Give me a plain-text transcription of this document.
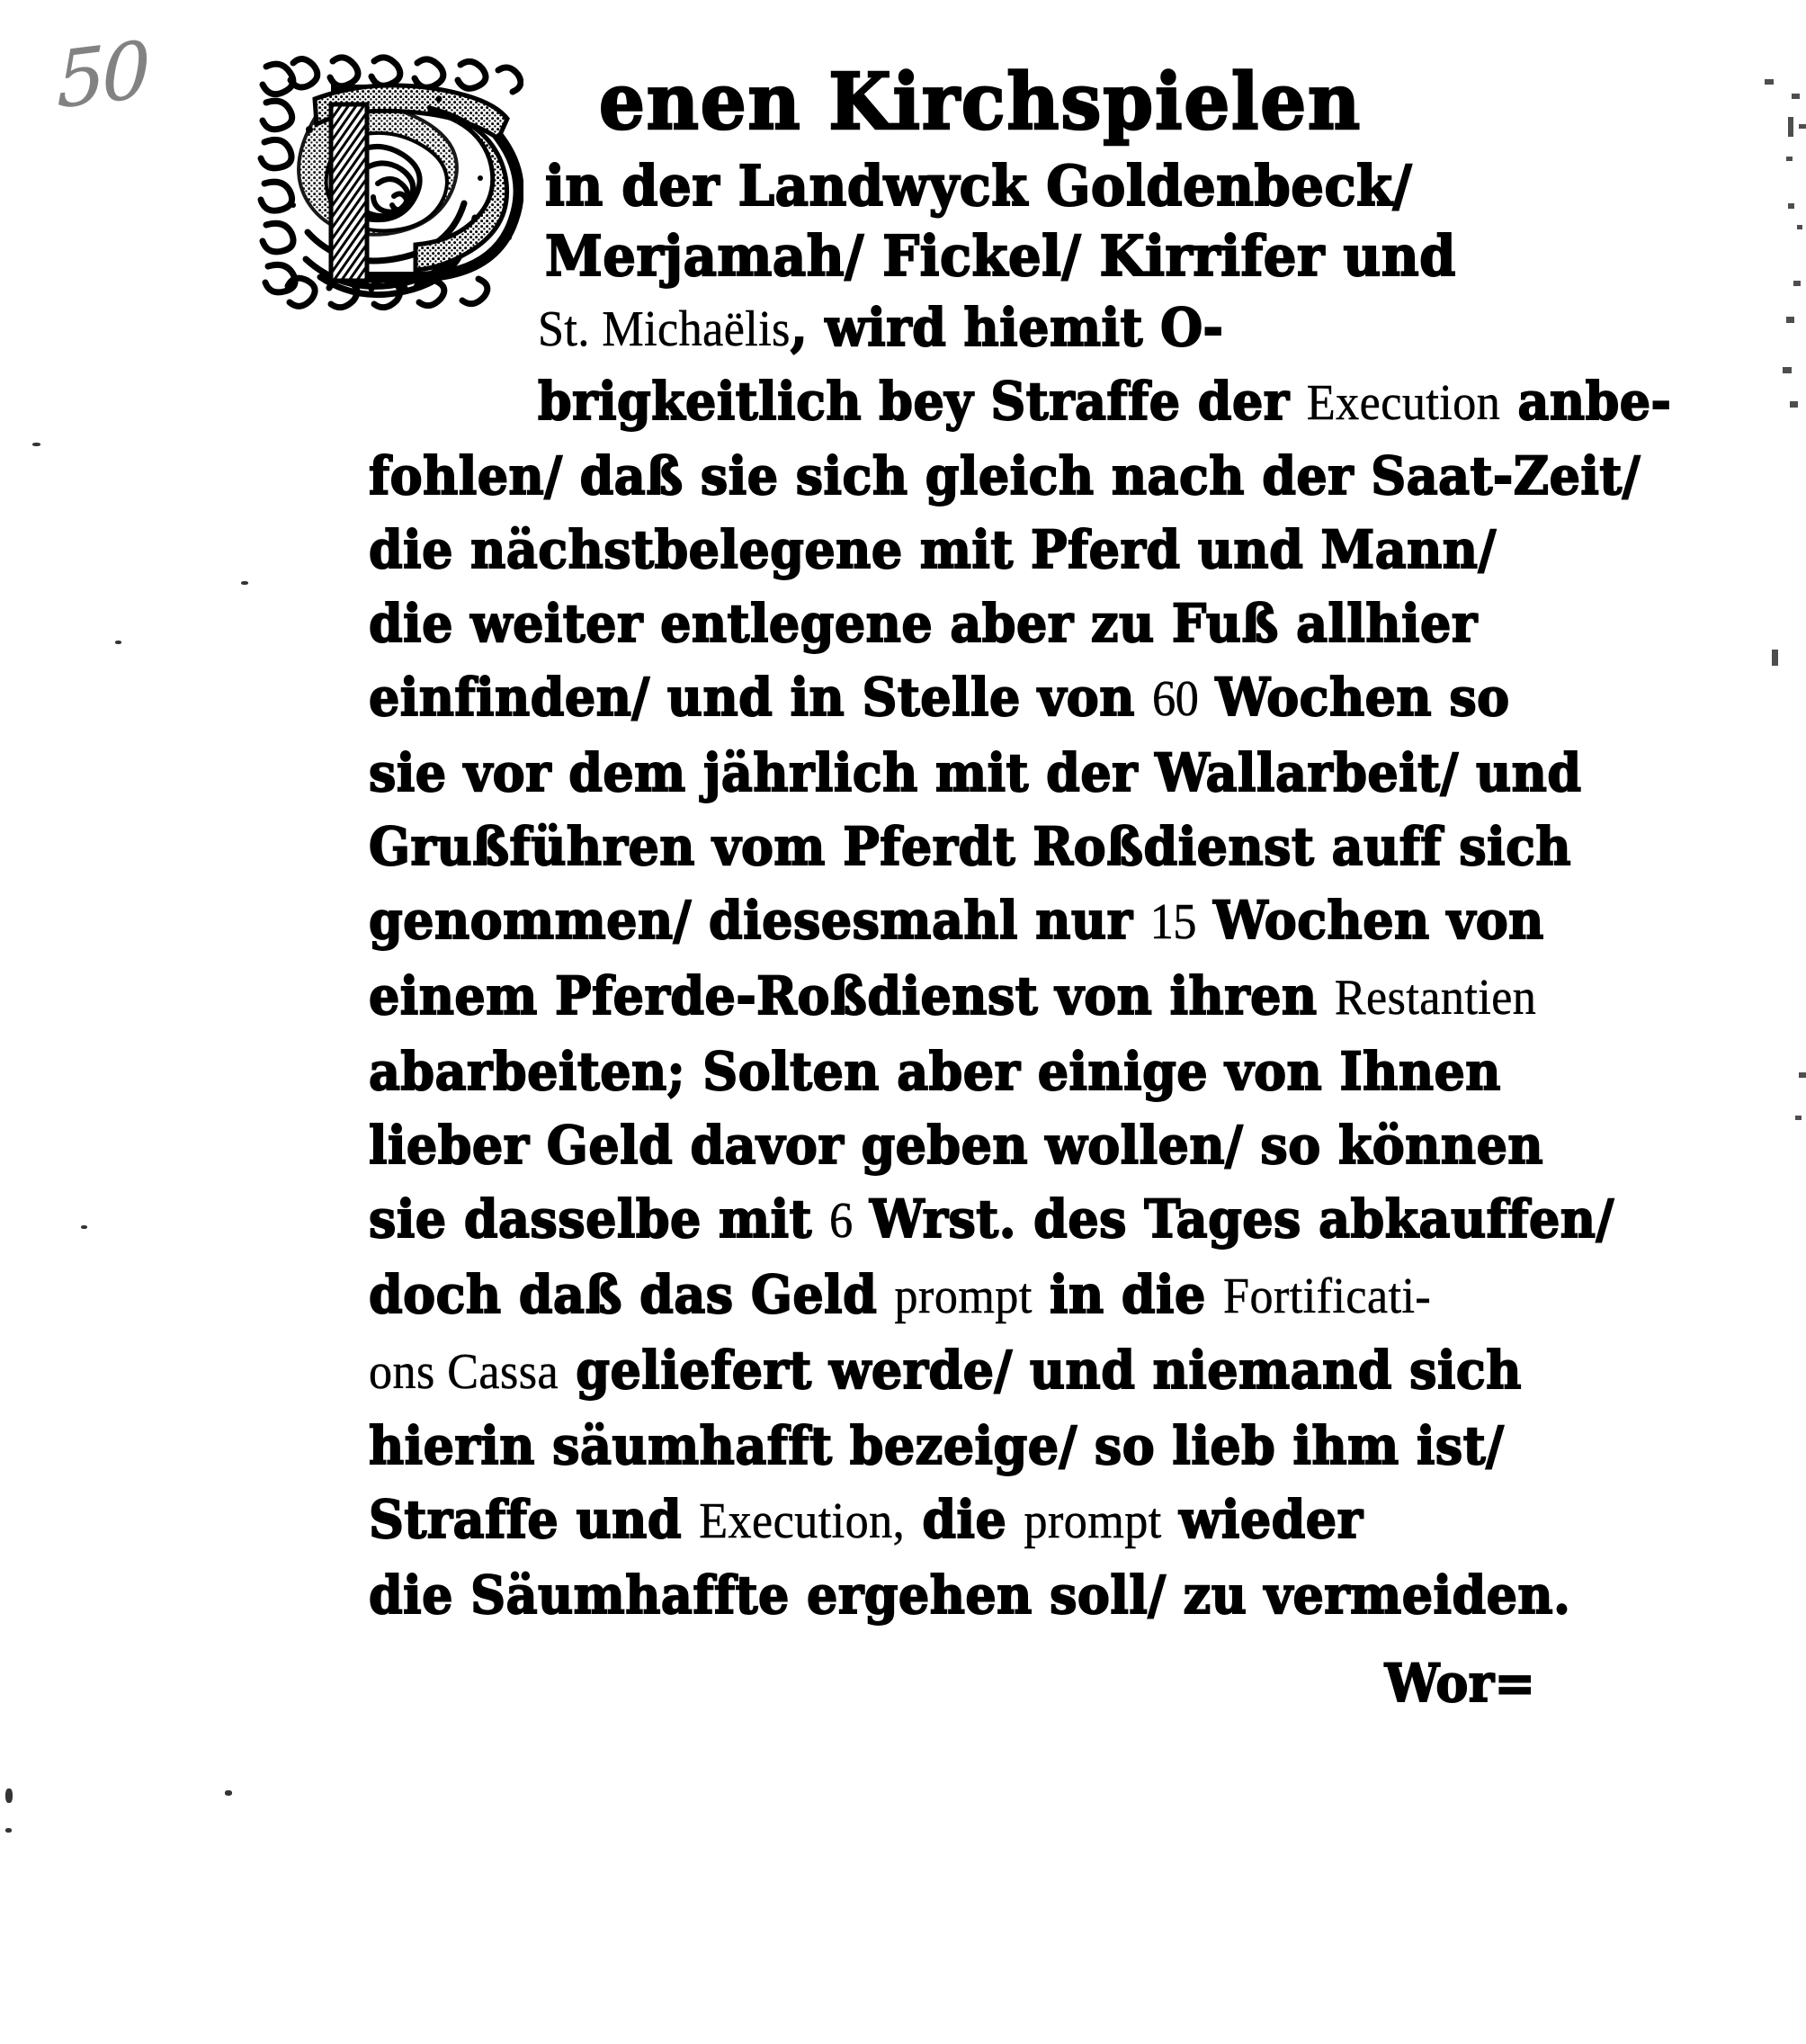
50	enen Kirchspielen
in der Landwyck Goldenbeck/
Merjamah/ Fickel/ Kirrifer und
St. Michaëlis, wird hiemit O‐
brigkeitlich bey Straffe der Execution anbe‐
fohlen/ daß sie sich gleich nach der Saat‐Zeit/
die nächstbelegene mit Pferd und Mann/
die weiter entlegene aber zu Fuß allhier
einfinden/ und in Stelle von 60 Wochen so
sie vor dem jährlich mit der Wallarbeit/ und
Grußführen vom Pferdt Roßdienst auff sich
genommen/ diesesmahl nur 15 Wochen von
einem Pferde‐Roßdienst von ihren Restantien
abarbeiten; Solten aber einige von Ihnen
lieber Geld davor geben wollen/ so können
sie dasselbe mit 6 Wrst. des Tages abkauffen/
doch daß das Geld prompt in die Fortificati-
ons Cassa geliefert werde/ und niemand sich
hierin säumhafft bezeige/ so lieb ihm ist/
Straffe und Execution, die prompt wieder
die Säumhaffte ergehen soll/ zu vermeiden.
Wor=
